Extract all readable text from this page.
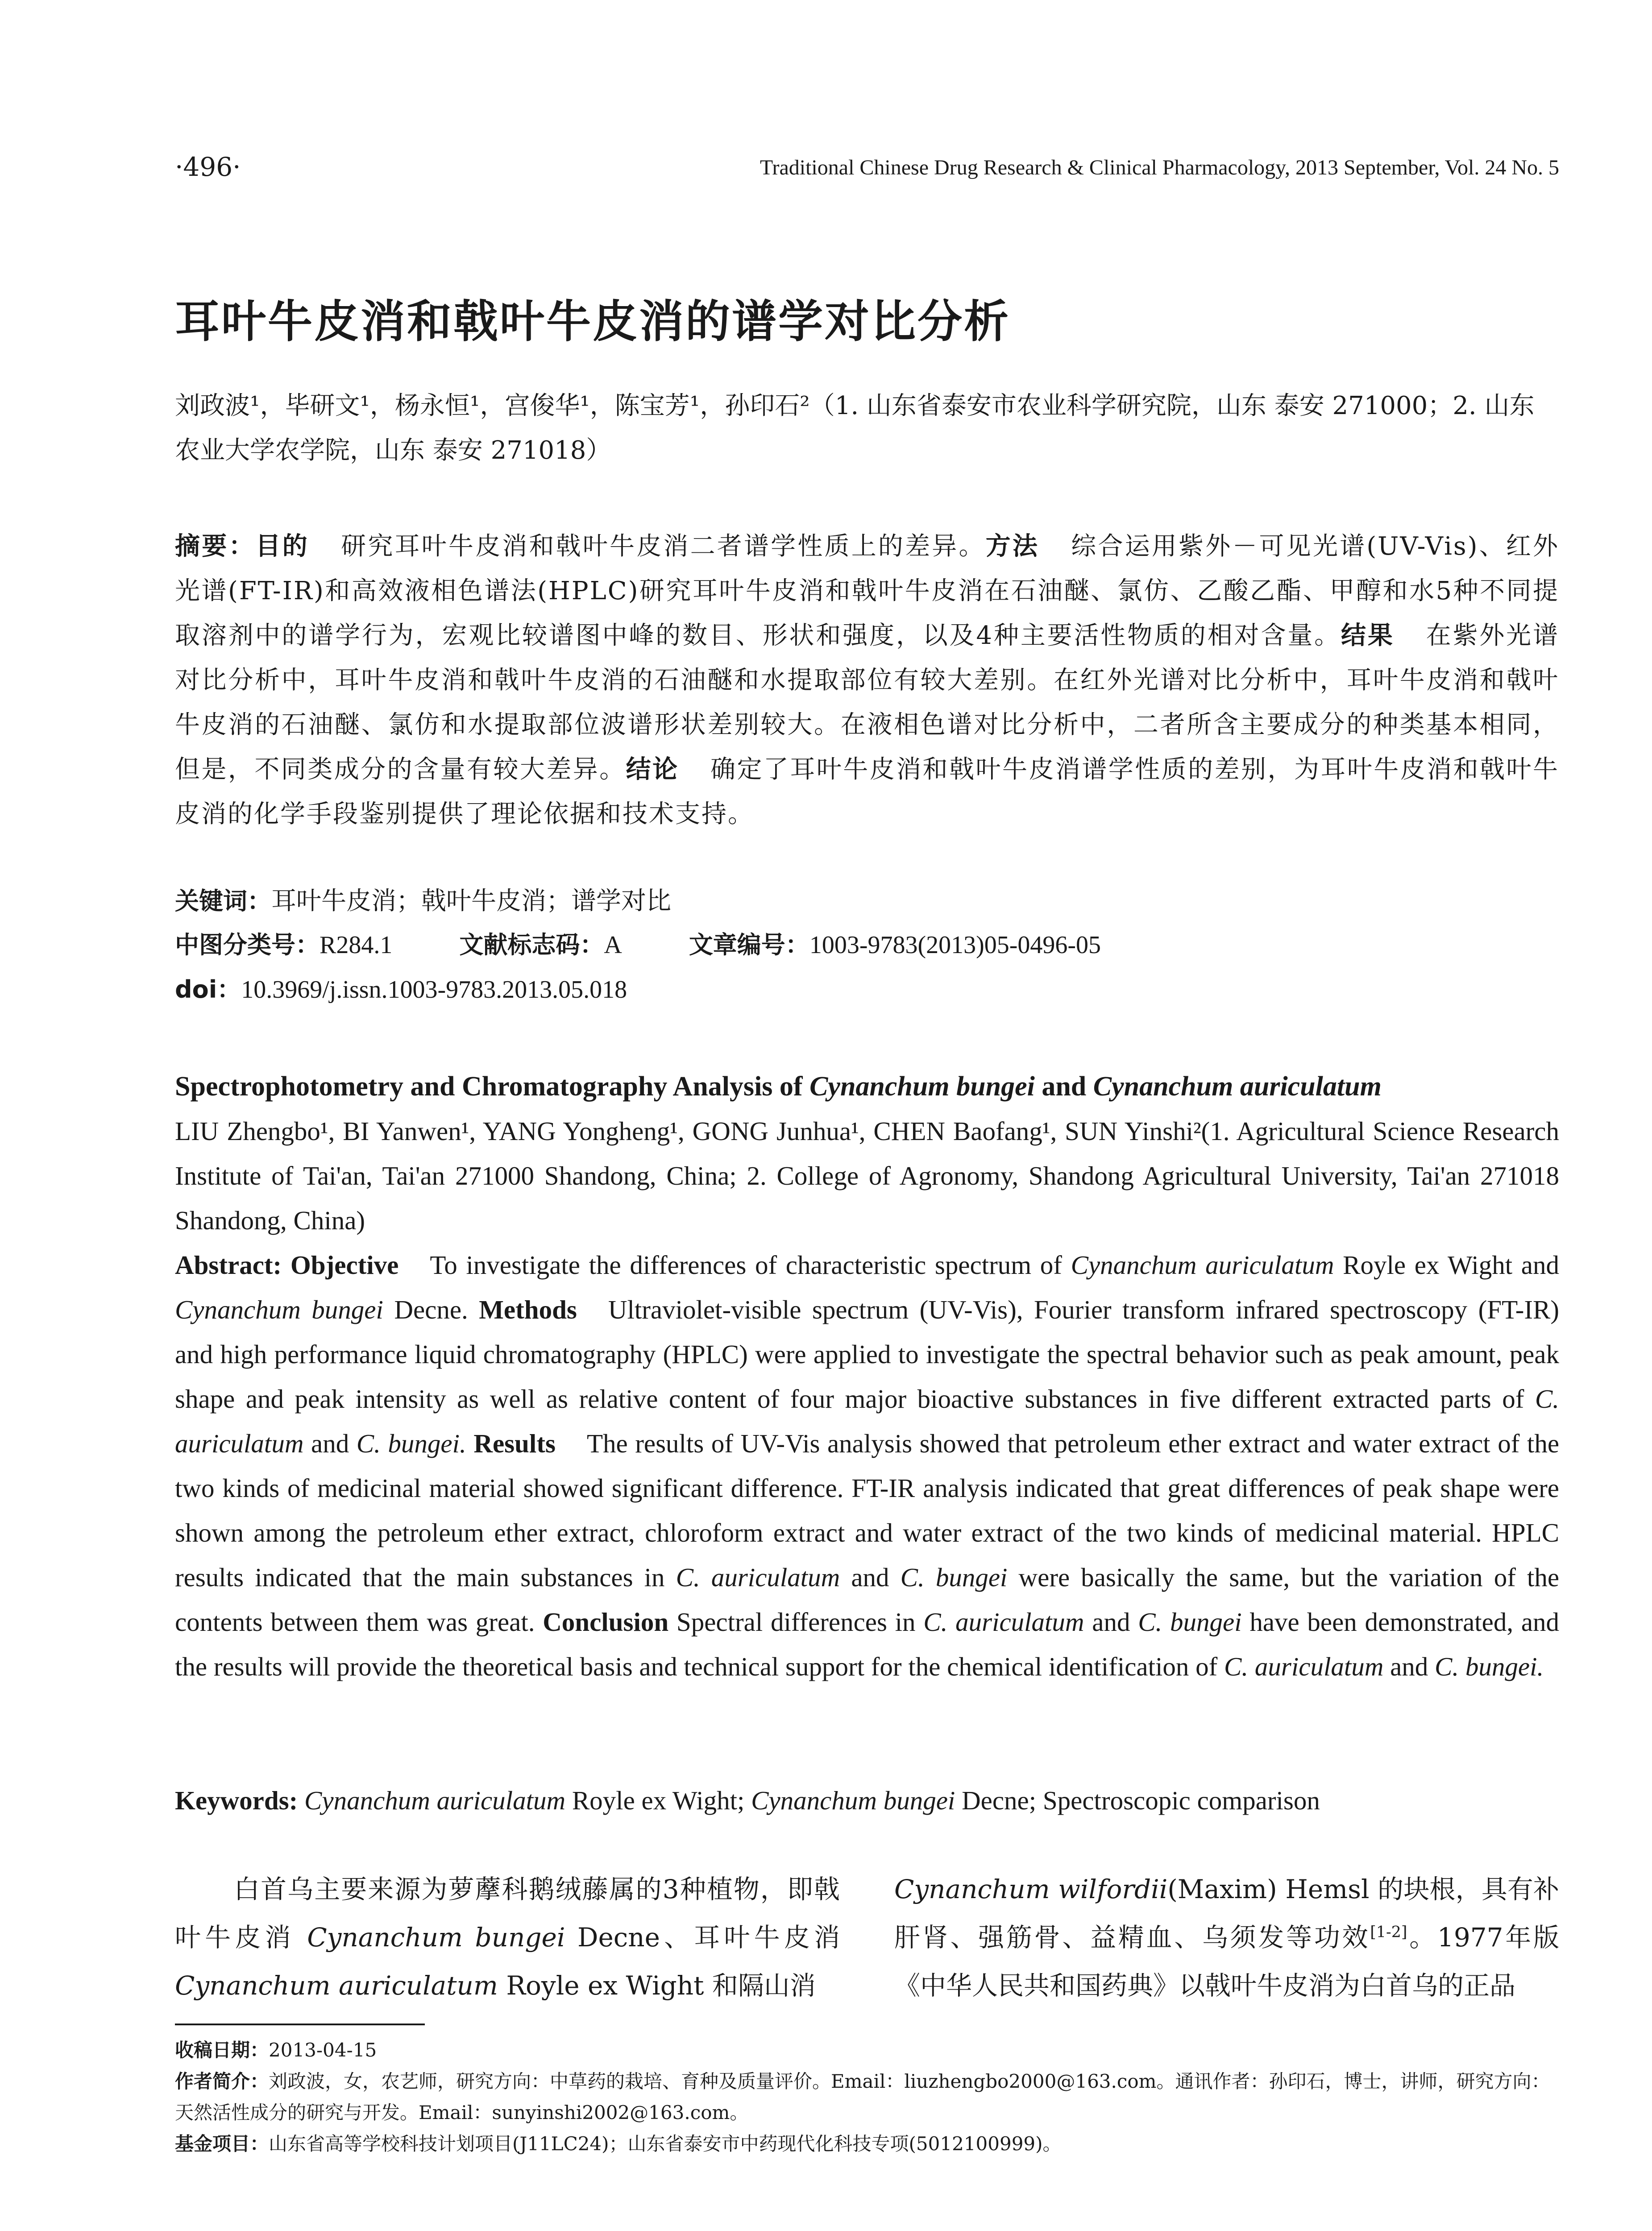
·496·	Traditional Chinese Drug Research & Clinical Pharmacology, 2013 September, Vol. 24 No. 5
耳叶牛皮消和戟叶牛皮消的谱学对比分析
刘政波¹，毕研文¹，杨永恒¹，宫俊华¹，陈宝芳¹，孙印石²（1. 山东省泰安市农业科学研究院，山东 泰安 271000；2. 山东农业大学农学院，山东 泰安 271018）
摘要：目的 研究耳叶牛皮消和戟叶牛皮消二者谱学性质上的差异。方法 综合运用紫外－可见光谱(UV-Vis)、红外光谱(FT-IR)和高效液相色谱法(HPLC)研究耳叶牛皮消和戟叶牛皮消在石油醚、氯仿、乙酸乙酯、甲醇和水5种不同提取溶剂中的谱学行为，宏观比较谱图中峰的数目、形状和强度，以及4种主要活性物质的相对含量。结果 在紫外光谱对比分析中，耳叶牛皮消和戟叶牛皮消的石油醚和水提取部位有较大差别。在红外光谱对比分析中，耳叶牛皮消和戟叶牛皮消的石油醚、氯仿和水提取部位波谱形状差别较大。在液相色谱对比分析中，二者所含主要成分的种类基本相同，但是，不同类成分的含量有较大差异。结论 确定了耳叶牛皮消和戟叶牛皮消谱学性质的差别，为耳叶牛皮消和戟叶牛皮消的化学手段鉴别提供了理论依据和技术支持。
关键词：耳叶牛皮消；戟叶牛皮消；谱学对比
中图分类号：R284.1	文献标志码：A	文章编号：1003-9783(2013)05-0496-05
doi：10.3969/j.issn.1003-9783.2013.05.018
Spectrophotometry and Chromatography Analysis of Cynanchum bungei and Cynanchum auriculatum
LIU Zhengbo¹, BI Yanwen¹, YANG Yongheng¹, GONG Junhua¹, CHEN Baofang¹, SUN Yinshi²(1. Agricultural Science Research Institute of Tai'an, Tai'an 271000 Shandong, China; 2. College of Agronomy, Shandong Agricultural University, Tai'an 271018 Shandong, China)
Abstract: Objective To investigate the differences of characteristic spectrum of Cynanchum auriculatum Royle ex Wight and Cynanchum bungei Decne. Methods Ultraviolet-visible spectrum (UV-Vis), Fourier transform infrared spectroscopy (FT-IR) and high performance liquid chromatography (HPLC) were applied to investigate the spectral behavior such as peak amount, peak shape and peak intensity as well as relative content of four major bioactive substances in five different extracted parts of C. auriculatum and C. bungei. Results The results of UV-Vis analysis showed that petroleum ether extract and water extract of the two kinds of medicinal material showed significant difference. FT-IR analysis indicated that great differences of peak shape were shown among the petroleum ether extract, chloroform extract and water extract of the two kinds of medicinal material. HPLC results indicated that the main substances in C. auriculatum and C. bungei were basically the same, but the variation of the contents between them was great. Conclusion Spectral differences in C. auriculatum and C. bungei have been demonstrated, and the results will provide the theoretical basis and technical support for the chemical identification of C. auriculatum and C. bungei.
Keywords: Cynanchum auriculatum Royle ex Wight; Cynanchum bungei Decne; Spectroscopic comparison
白首乌主要来源为萝藦科鹅绒藤属的3种植物，即戟叶牛皮消 Cynanchum bungei Decne、耳叶牛皮消 Cynanchum auriculatum Royle ex Wight 和隔山消
Cynanchum wilfordii(Maxim) Hemsl 的块根，具有补肝肾、强筋骨、益精血、乌须发等功效[1-2]。1977年版《中华人民共和国药典》以戟叶牛皮消为白首乌的正品
收稿日期：2013-04-15
作者简介：刘政波，女，农艺师，研究方向：中草药的栽培、育种及质量评价。Email：liuzhengbo2000@163.com。通讯作者：孙印石，博士，讲师，研究方向：天然活性成分的研究与开发。Email：sunyinshi2002@163.com。
基金项目：山东省高等学校科技计划项目(J11LC24)；山东省泰安市中药现代化科技专项(5012100999)。
